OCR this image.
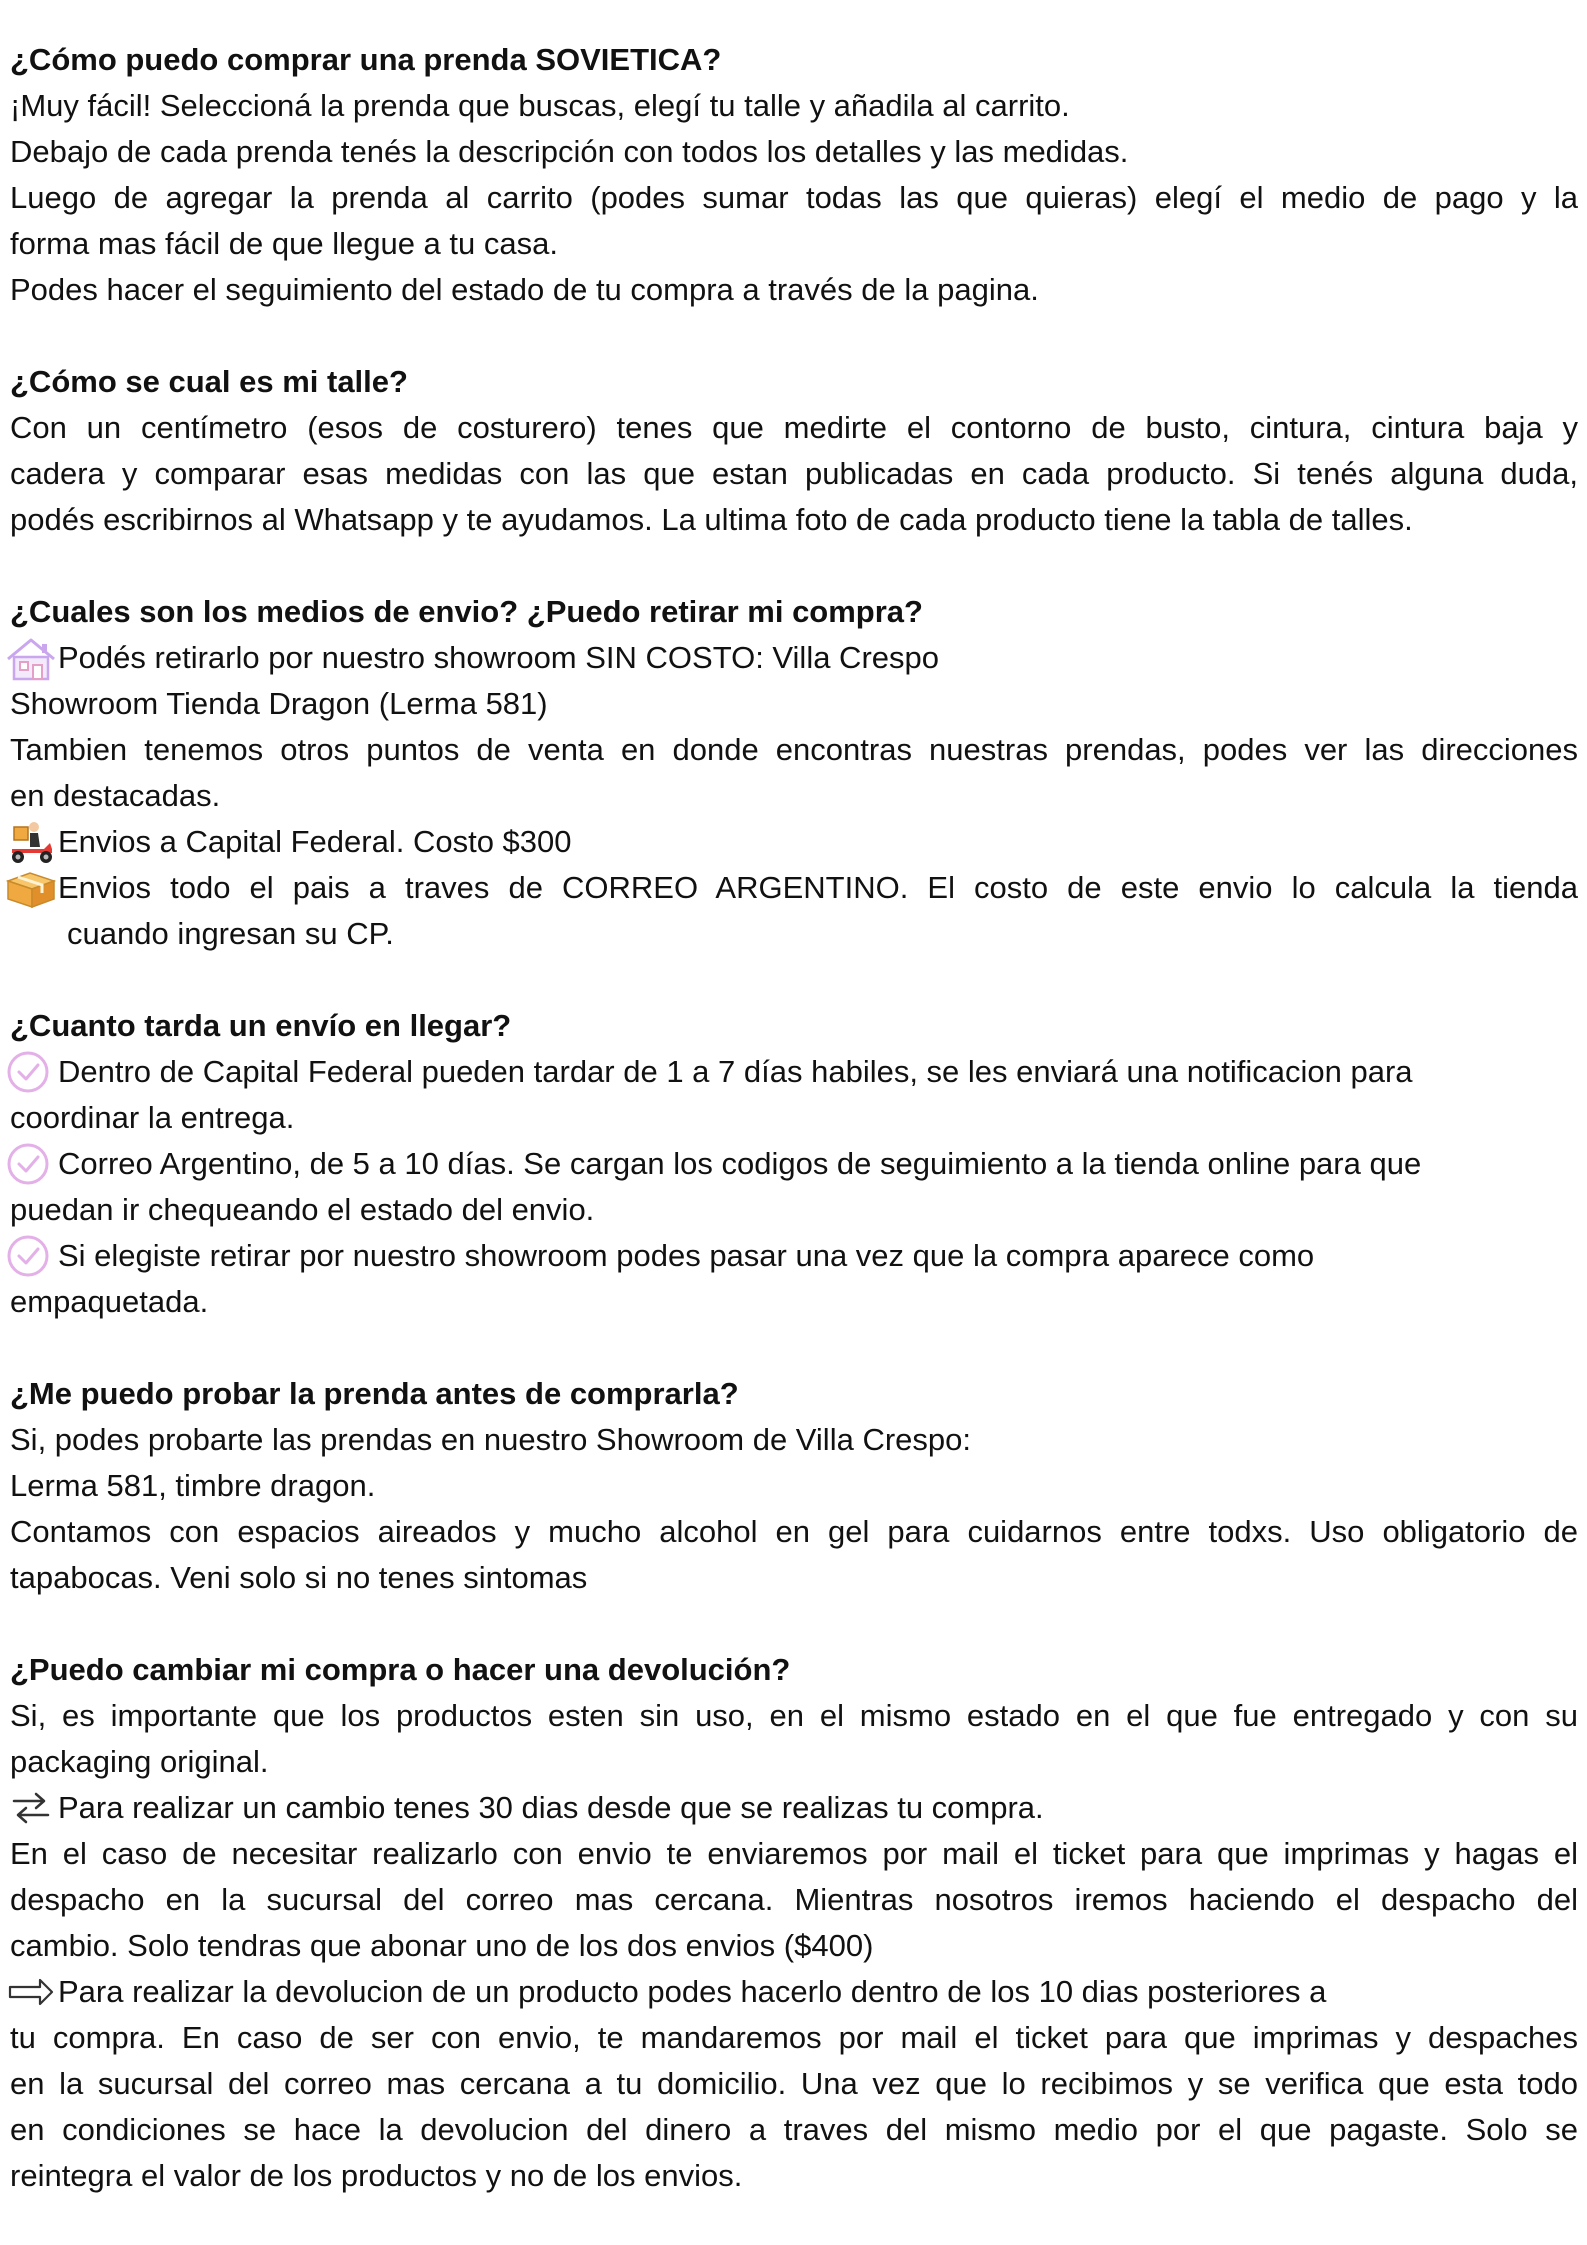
¿Cómo puedo comprar una prenda SOVIETICA?

¡Muy fácil! Seleccioná la prenda que buscas, elegí tu talle y añadila al carrito.

Debajo de cada prenda tenés la descripción con todos los detalles y las medidas.

Luego de agregar la prenda al carrito (podes sumar todas las que quieras) elegí el medio de pago y la

forma mas fácil de que llegue a tu casa.

Podes hacer el seguimiento del estado de tu compra a través de la pagina.

¿Cómo se cual es mi talle?

Con un centímetro (esos de costurero) tenes que medirte el contorno de busto, cintura, cintura baja y

cadera y comparar esas medidas con las que estan publicadas en cada producto. Si tenés alguna duda,

podés escribirnos al Whatsapp y te ayudamos. La ultima foto de cada producto tiene la tabla de talles.

¿Cuales son los medios de envio? ¿Puedo retirar mi compra?

Podés retirarlo por nuestro showroom SIN COSTO: Villa Crespo

Showroom Tienda Dragon (Lerma 581)

Tambien tenemos otros puntos de venta en donde encontras nuestras prendas, podes ver las direcciones

en destacadas.

Envios a Capital Federal. Costo $300
Envios todo el pais a traves de CORREO ARGENTINO. El costo de este envio lo calcula la tienda

cuando ingresan su CP.

¿Cuanto tarda un envío en llegar?

Dentro de Capital Federal pueden tardar de 1 a 7 días habiles, se les enviará una notificacion para

coordinar la entrega.

Correo Argentino, de 5 a 10 días. Se cargan los codigos de seguimiento a la tienda online para que

puedan ir chequeando el estado del envio.

Si elegiste retirar por nuestro showroom podes pasar una vez que la compra aparece como

empaquetada.

¿Me puedo probar la prenda antes de comprarla?

Si, podes probarte las prendas en nuestro Showroom de Villa Crespo:

Lerma 581, timbre dragon.

Contamos con espacios aireados y mucho alcohol en gel para cuidarnos entre todxs. Uso obligatorio de

tapabocas. Veni solo si no tenes sintomas

¿Puedo cambiar mi compra o hacer una devolución?

Si, es importante que los productos esten sin uso, en el mismo estado en el que fue entregado y con su

packaging original.

Para realizar un cambio tenes 30 dias desde que se realizas tu compra.

En el caso de necesitar realizarlo con envio te enviaremos por mail el ticket para que imprimas y hagas el

despacho en la sucursal del correo mas cercana. Mientras nosotros iremos haciendo el despacho del

cambio. Solo tendras que abonar uno de los dos envios ($400)

Para realizar la devolucion de un producto podes hacerlo dentro de los 10 dias posteriores a

tu compra. En caso de ser con envio, te mandaremos por mail el ticket para que imprimas y despaches

en la sucursal del correo mas cercana a tu domicilio. Una vez que lo recibimos y se verifica que esta todo

en condiciones se hace la devolucion del dinero a traves del mismo medio por el que pagaste. Solo se

reintegra el valor de los productos y no de los envios.
